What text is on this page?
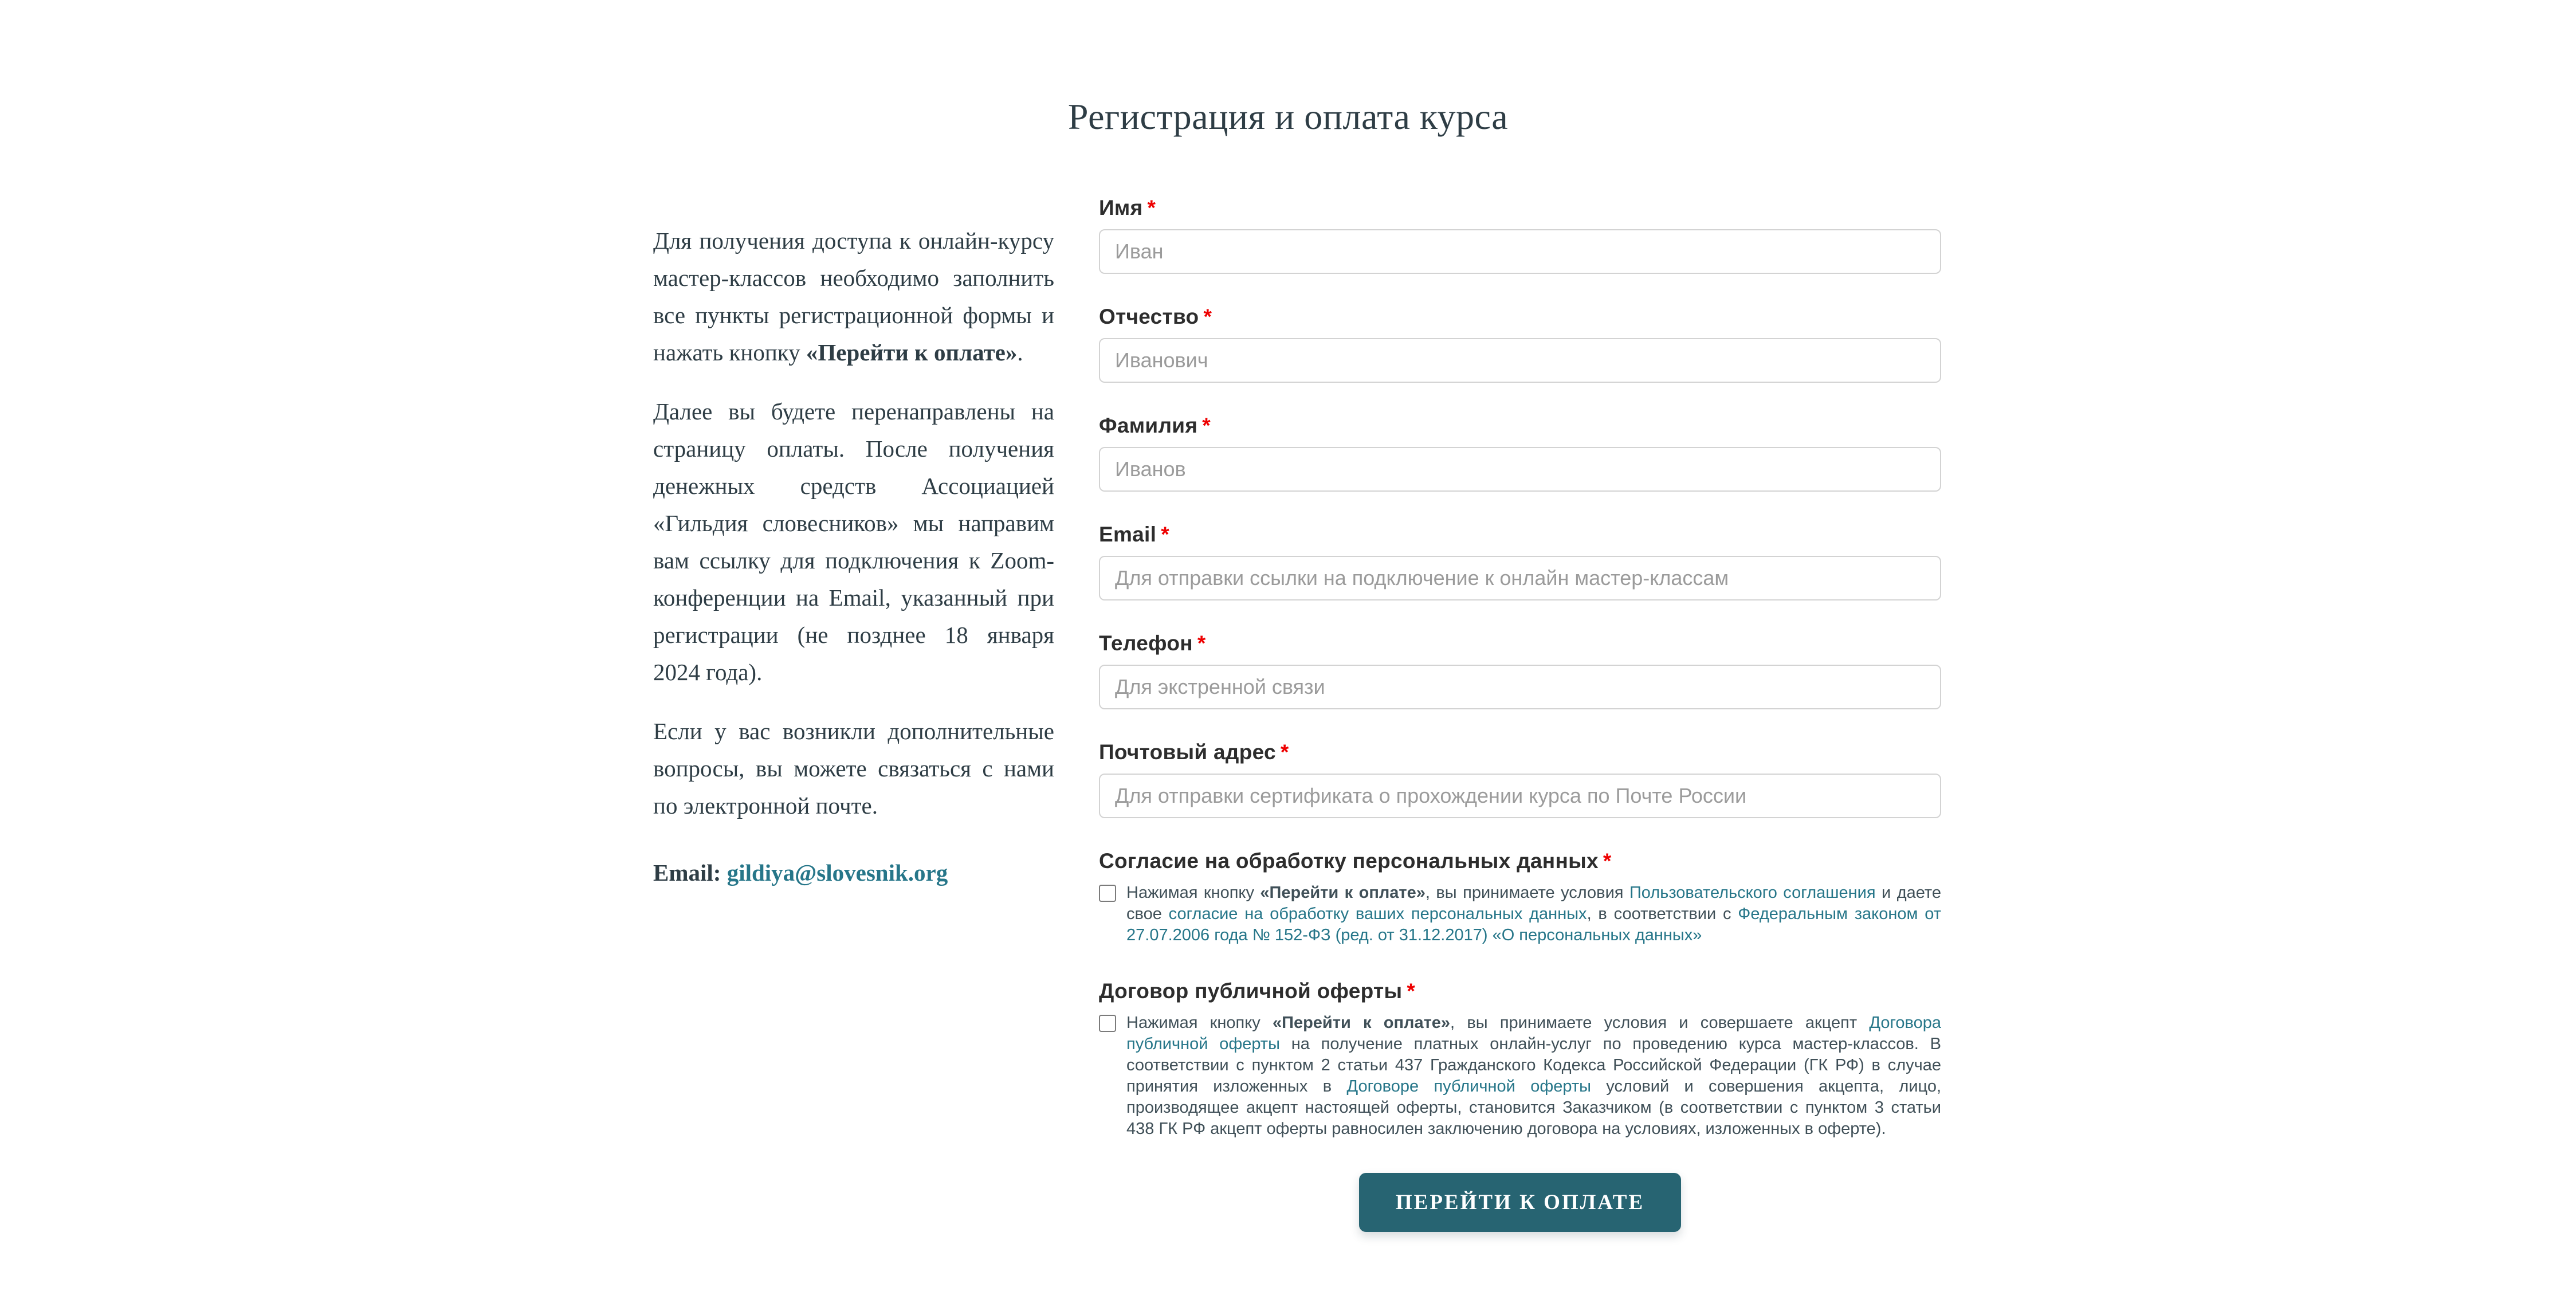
Регистрация и оплата курса

Для получения доступа к онлайн-курсу мастер-классов необходимо заполнить все пункты регистрационной формы и нажать кнопку «Перейти к оплате».

Далее вы будете перенаправлены на страницу оплаты. После получения денежных средств Ассоциацией «Гильдия словесников» мы направим вам ссылку для подключения к Zoom-конференции на Email, указанный при регистрации (не позднее 18 января 2024 года).

Если у вас возникли дополнительные вопросы, вы можете связаться с нами по электронной почте.

Email: gildiya@slovesnik.org
Имя *
Иван
Отчество *
Иванович
Фамилия *
Иванов
Email *
Для отправки ссылки на подключение к онлайн мастер-классам
Телефон *
Для экстренной связи
Почтовый адрес *
Для отправки сертификата о прохождении курса по Почте России
Согласие на обработку персональных данных *
Нажимая кнопку «Перейти к оплате», вы принимаете условия Пользовательского соглашения и даете свое согласие на обработку ваших персональных данных, в соответствии с Федеральным законом от 27.07.2006 года № 152-ФЗ (ред. от 31.12.2017) «О персональных данных»
Договор публичной оферты *
Нажимая кнопку «Перейти к оплате», вы принимаете условия и совершаете акцепт Договора публичной оферты на получение платных онлайн-услуг по проведению курса мастер-классов. В соответствии с пунктом 2 статьи 437 Гражданского Кодекса Российской Федерации (ГК РФ) в случае принятия изложенных в Договоре публичной оферты условий и совершения акцепта, лицо, производящее акцепт настоящей оферты, становится Заказчиком (в соответствии с пунктом 3 статьи 438 ГК РФ акцепт оферты равносилен заключению договора на условиях, изложенных в оферте).
ПЕРЕЙТИ К ОПЛАТЕ
